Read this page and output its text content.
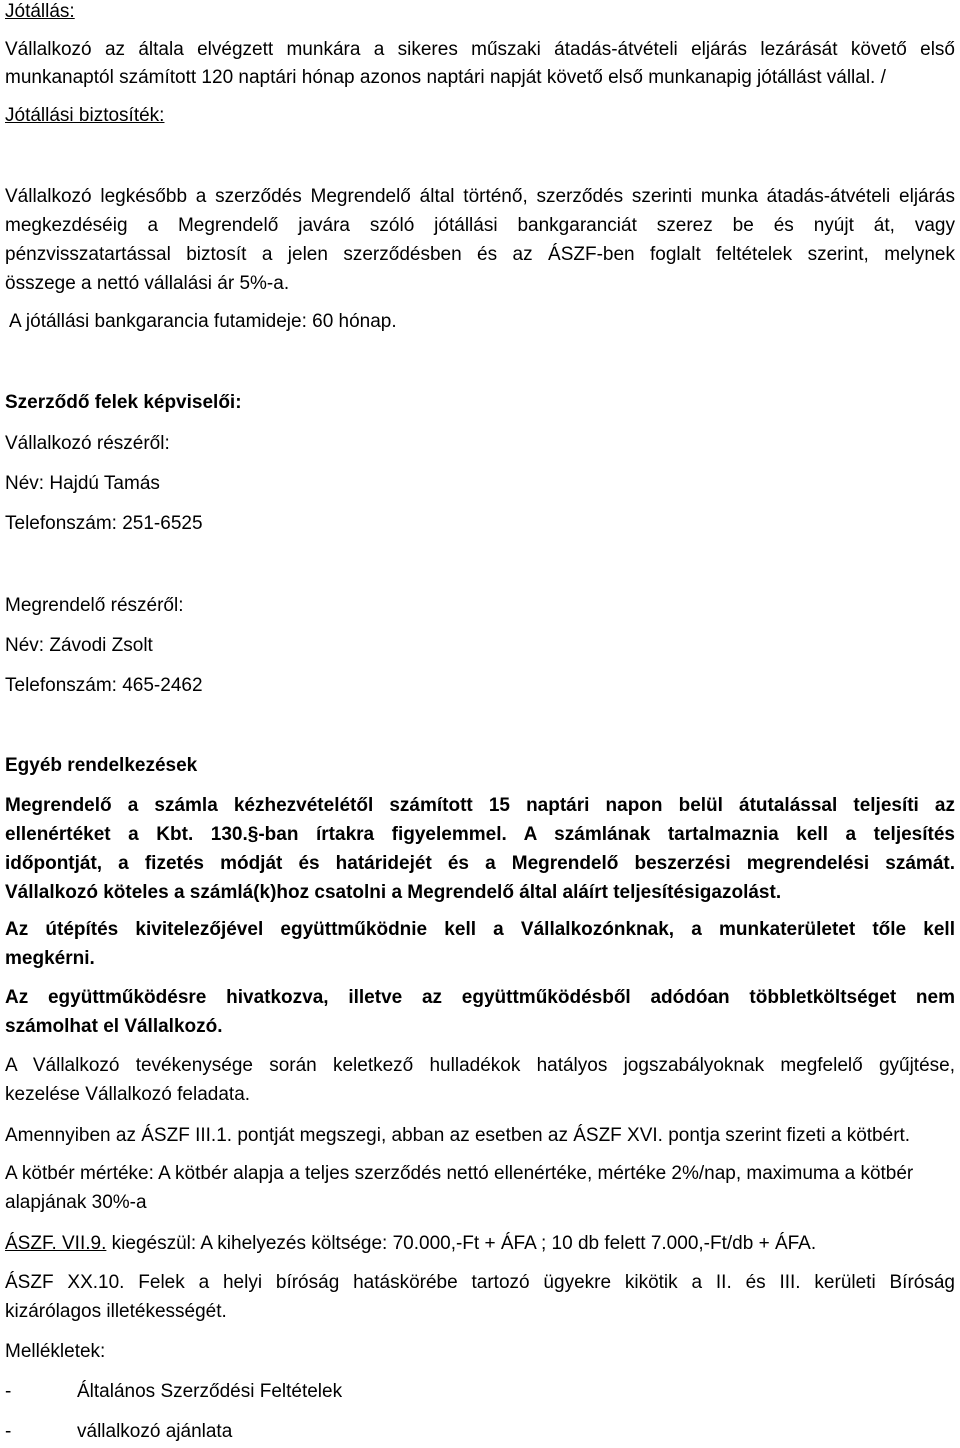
Jótállás:

Vállalkozó az általa elvégzett munkára a sikeres műszaki átadás-átvételi eljárás lezárását követő első

munkanaptól számított 120 naptári hónap azonos naptári napját követő első munkanapig jótállást vállal. /

Jótállási biztosíték:

Vállalkozó legkésőbb a szerződés Megrendelő által történő, szerződés szerinti munka átadás-átvételi eljárás

megkezdéséig a Megrendelő javára szóló jótállási bankgaranciát szerez be és nyújt át, vagy

pénzvisszatartással biztosít a jelen szerződésben és az ÁSZF-ben foglalt feltételek szerint, melynek

összege a nettó vállalási ár 5%-a.

A jótállási bankgarancia futamideje: 60 hónap.

Szerződő felek képviselői:

Vállalkozó részéről:

Név: Hajdú Tamás

Telefonszám: 251-6525

Megrendelő részéről:

Név: Závodi Zsolt

Telefonszám: 465-2462

Egyéb rendelkezések

Megrendelő a számla kézhezvételétől számított 15 naptári napon belül átutalással teljesíti az

ellenértéket a Kbt. 130.§-ban írtakra figyelemmel. A számlának tartalmaznia kell a teljesítés

időpontját, a fizetés módját és határidejét és a Megrendelő beszerzési megrendelési számát.

Vállalkozó köteles a számlá(k)hoz csatolni a Megrendelő által aláírt teljesítésigazolást.

Az útépítés kivitelezőjével együttműködnie kell a Vállalkozónknak, a munkaterületet tőle kell

megkérni.

Az együttműködésre hivatkozva, illetve az együttműködésből adódóan többletköltséget nem

számolhat el Vállalkozó.

A Vállalkozó tevékenysége során keletkező hulladékok hatályos jogszabályoknak megfelelő gyűjtése,

kezelése Vállalkozó feladata.

Amennyiben az ÁSZF III.1. pontját megszegi, abban az esetben az ÁSZF XVI. pontja szerint fizeti a kötbért.

A kötbér mértéke: A kötbér alapja a teljes szerződés nettó ellenértéke, mértéke 2%/nap, maximuma a kötbér

alapjának 30%-a

ÁSZF. VII.9. kiegészül: A kihelyezés költsége: 70.000,-Ft + ÁFA ; 10 db felett 7.000,-Ft/db + ÁFA.

ÁSZF XX.10. Felek a helyi bíróság hatáskörébe tartozó ügyekre kikötik a II. és III. kerületi Bíróság

kizárólagos illetékességét.

Mellékletek:

-	Általános Szerződési Feltételek
-	vállalkozó ajánlata
